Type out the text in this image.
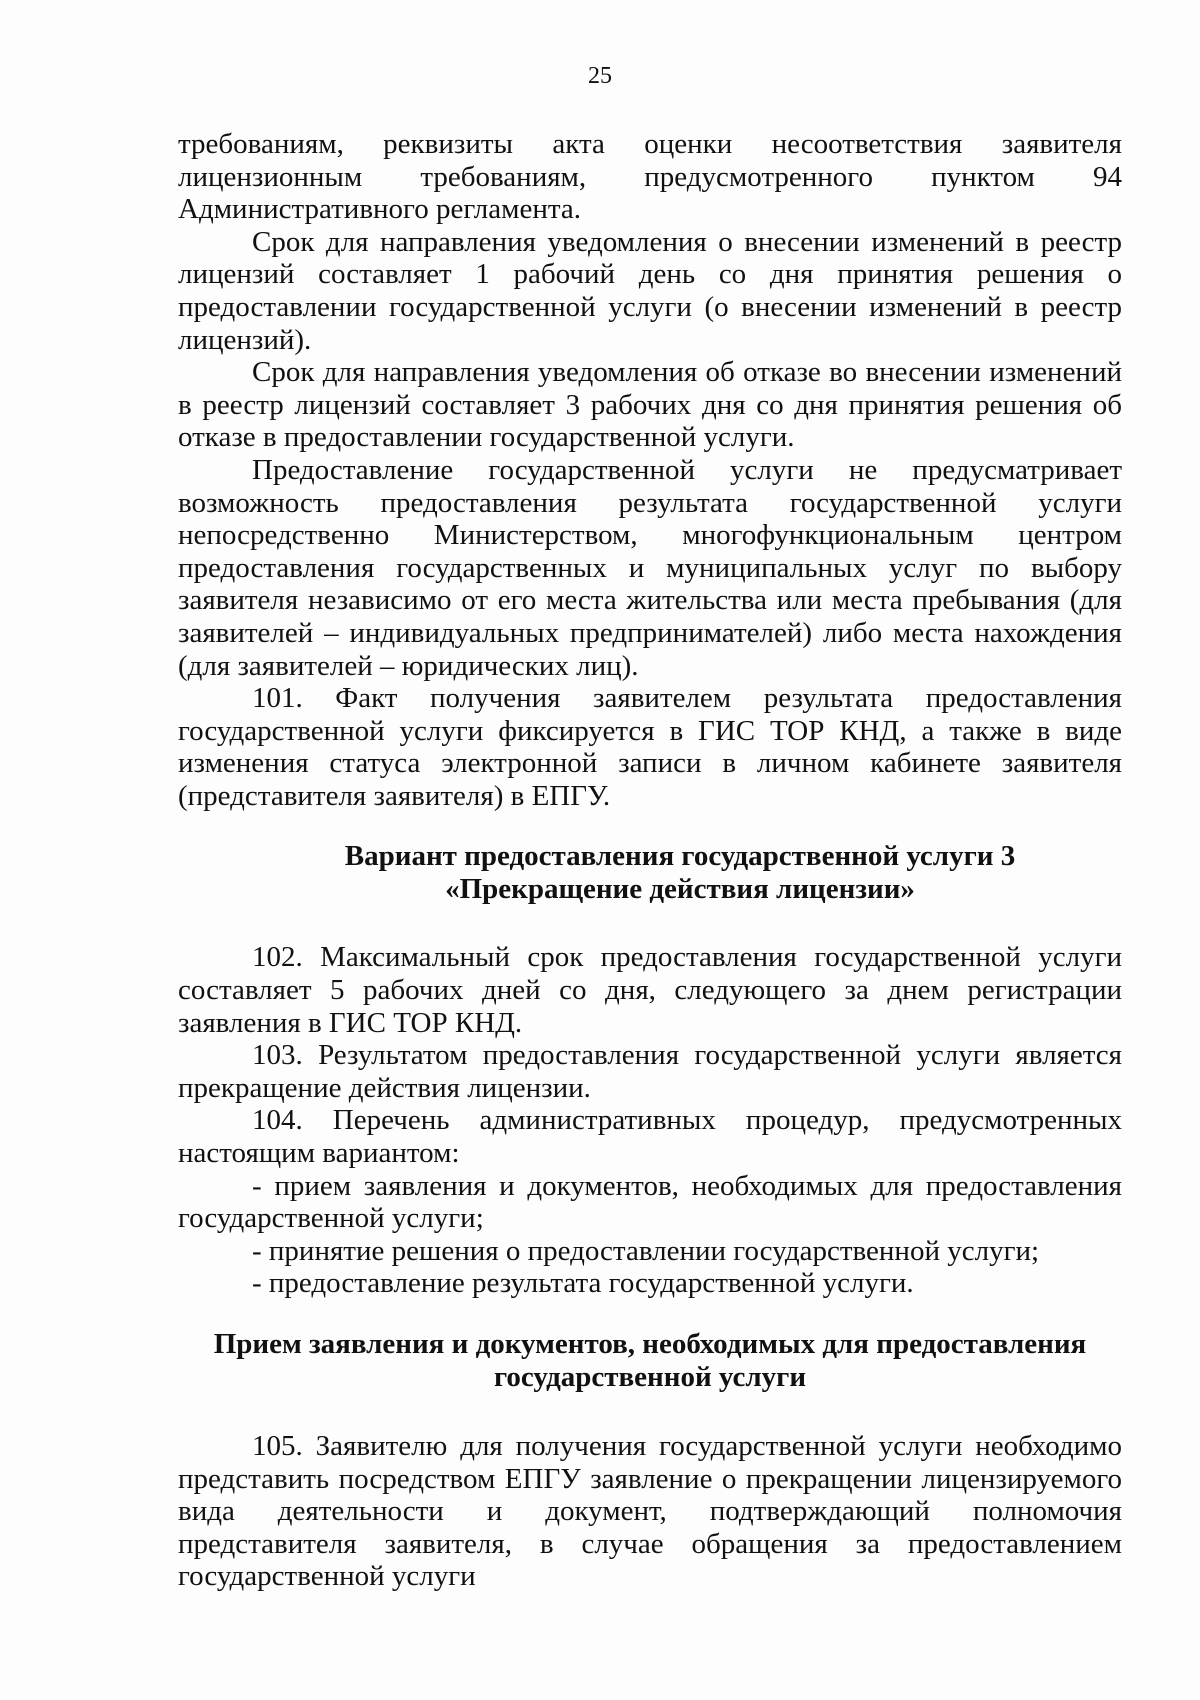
25

требованиям, реквизиты акта оценки несоответствия заявителя лицензионным требованиям, предусмотренного пунктом 94 Административного регламента.

Срок для направления уведомления о внесении изменений в реестр лицензий составляет 1 рабочий день со дня принятия решения о предоставлении государственной услуги (о внесении изменений в реестр лицензий).

Срок для направления уведомления об отказе во внесении изменений в реестр лицензий составляет 3 рабочих дня со дня принятия решения об отказе в предоставлении государственной услуги.

Предоставление государственной услуги не предусматривает возможность предоставления результата государственной услуги непосредственно Министерством, многофункциональным центром предоставления государственных и муниципальных услуг по выбору заявителя независимо от его места жительства или места пребывания (для заявителей – индивидуальных предпринимателей) либо места нахождения (для заявителей – юридических лиц).

101. Факт получения заявителем результата предоставления государственной услуги фиксируется в ГИС ТОР КНД, а также в виде изменения статуса электронной записи в личном кабинете заявителя (представителя заявителя) в ЕПГУ.

Вариант предоставления государственной услуги 3
«Прекращение действия лицензии»

102. Максимальный срок предоставления государственной услуги составляет 5 рабочих дней со дня, следующего за днем регистрации заявления в ГИС ТОР КНД.

103. Результатом предоставления государственной услуги является прекращение действия лицензии.

104. Перечень административных процедур, предусмотренных настоящим вариантом:

- прием заявления и документов, необходимых для предоставления государственной услуги;

- принятие решения о предоставлении государственной услуги;

- предоставление результата государственной услуги.

Прием заявления и документов, необходимых для предоставления
государственной услуги

105. Заявителю для получения государственной услуги необходимо представить посредством ЕПГУ заявление о прекращении лицензируемого вида деятельности и документ, подтверждающий полномочия представителя заявителя, в случае обращения за предоставлением государственной услуги
